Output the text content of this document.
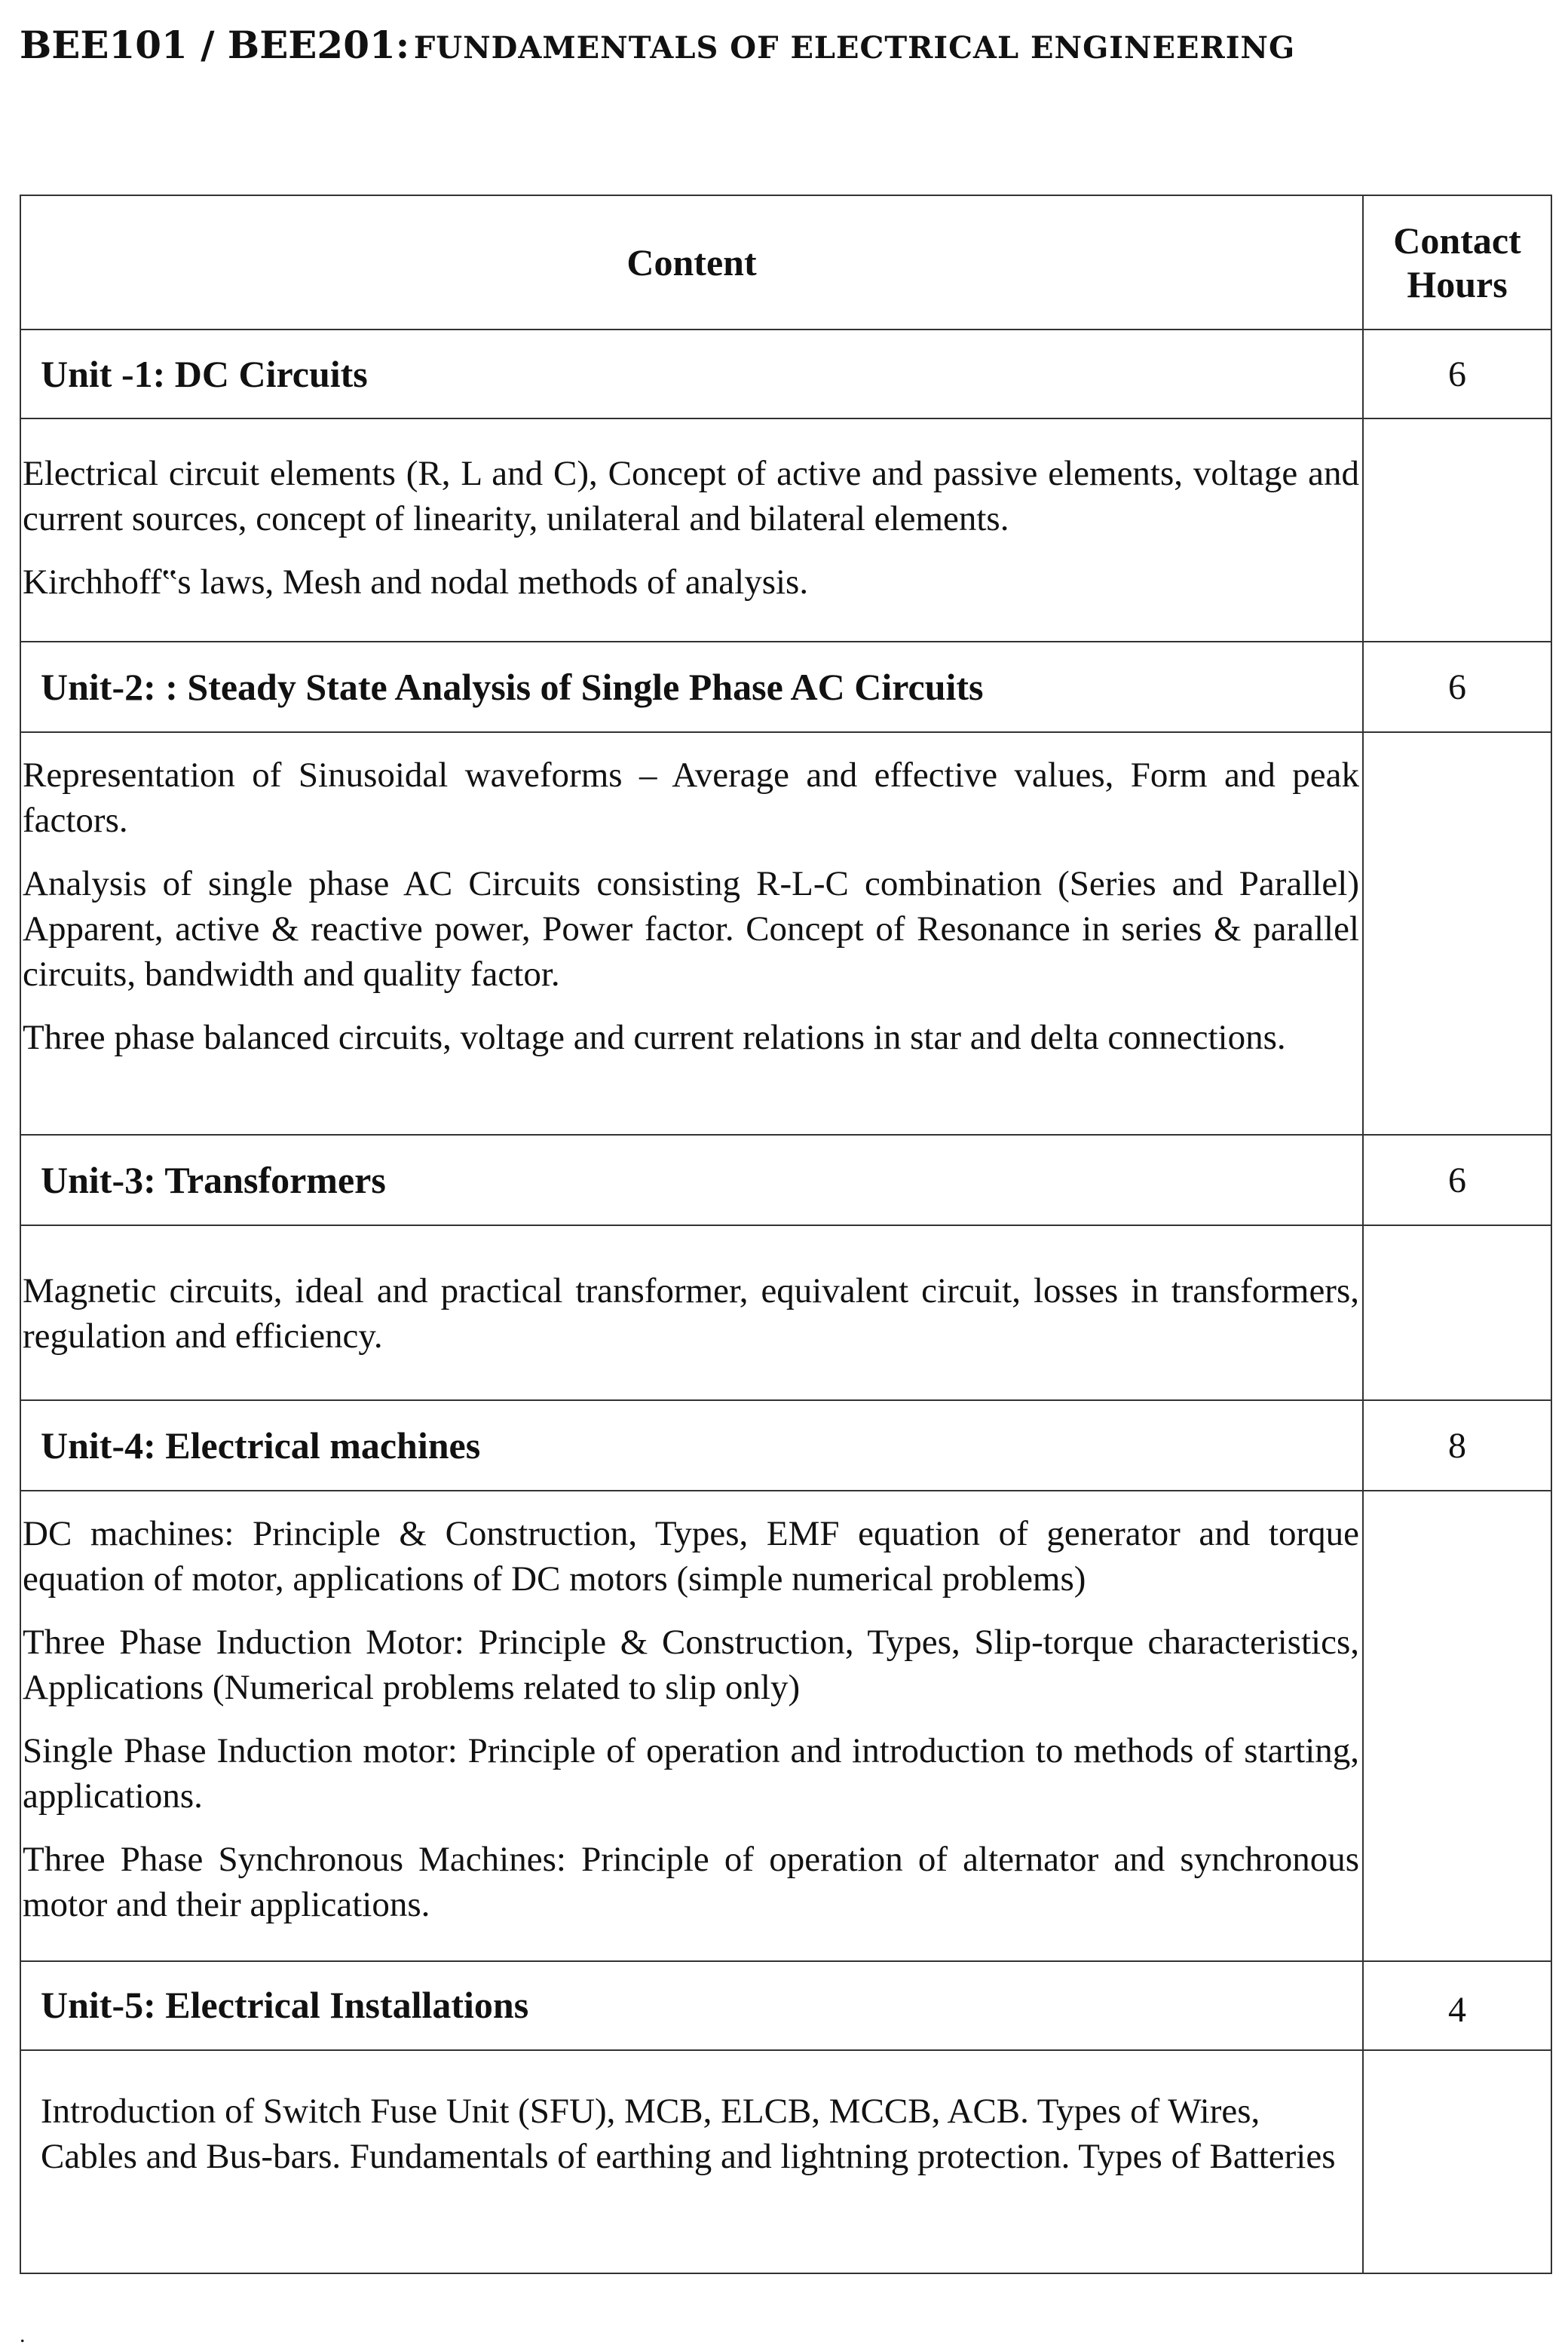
BEE101 / BEE201: FUNDAMENTALS OF ELECTRICAL ENGINEERING
Content	Contact
Hours
Unit -1: DC Circuits	6

Electrical circuit elements (R, L and C), Concept of active and passive elements, voltage and current sources, concept of linearity, unilateral and bilateral elements.

Kirchhoff‟s laws, Mesh and nodal methods of analysis.	

Unit-2: : Steady State Analysis of Single Phase AC Circuits	6

Representation of Sinusoidal waveforms – Average and effective values, Form and peak factors.

Analysis of single phase AC Circuits consisting R-L-C combination (Series and Parallel) Apparent, active & reactive power, Power factor. Concept of Resonance in series & parallel circuits, bandwidth and quality factor.

Three phase balanced circuits, voltage and current relations in star and delta connections.	

Unit-3: Transformers	6

Magnetic circuits, ideal and practical transformer, equivalent circuit, losses in transformers, regulation and efficiency.	

Unit-4: Electrical machines	8

DC machines: Principle & Construction, Types, EMF equation of generator and torque equation of motor, applications of DC motors (simple numerical problems)

Three Phase Induction Motor: Principle & Construction, Types, Slip-torque characteristics, Applications (Numerical problems related to slip only)

Single Phase Induction motor: Principle of operation and introduction to methods of starting, applications.

Three Phase Synchronous Machines: Principle of operation of alternator and synchronous motor and their applications.	

Unit-5: Electrical Installations	4

Introduction of Switch Fuse Unit (SFU), MCB, ELCB, MCCB, ACB. Types of Wires, Cables and Bus-bars. Fundamentals of earthing and lightning protection. Types of Batteries	

.
